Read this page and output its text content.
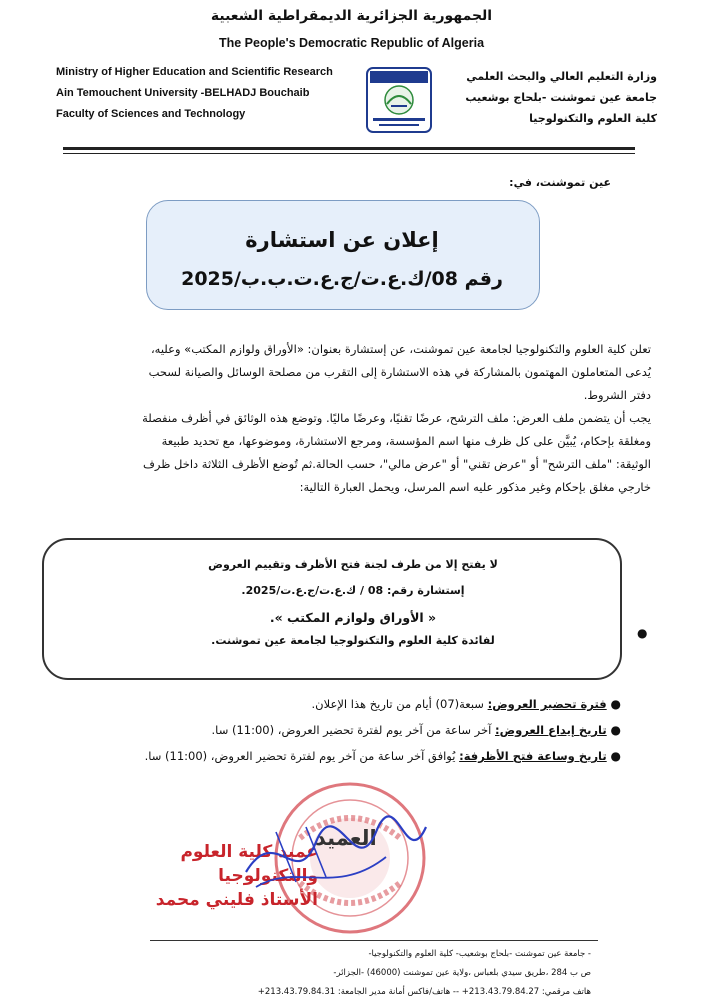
الجمهورية الجزائرية الديمقراطية الشعبية
The People's Democratic Republic of Algeria
Ministry of Higher Education and Scientific Research
Ain Temouchent University -BELHADJ Bouchaib
Faculty of Sciences and Technology
وزارة التعليم العالي والبحث العلمي
جامعة عين تموشنت -بلحاج بوشعيب
كلية العلوم والتكنولوجيا
عين تموشنت، في:
إعلان عن استشارة
رقم 08/ك.ع.ت/ج.ع.ت.ب.ب/2025
تعلن كلية العلوم والتكنولوجيا لجامعة عين تموشنت، عن إستشارة بعنوان: «الأوراق ولوازم المكتب» وعليه،
يُدعى المتعاملون المهتمون بالمشاركة في هذه الاستشارة إلى التقرب من مصلحة الوسائل والصيانة لسحب
دفتر الشروط.
يجب أن يتضمن ملف العرض: ملف الترشح، عرضًا تقنيًا، وعرضًا ماليًا. وتوضع هذه الوثائق في أظرف منفصلة
ومغلقة بإحكام، يُبيَّن على كل ظرف منها اسم المؤسسة، ومرجع الاستشارة، وموضوعها، مع تحديد طبيعة
الوثيقة: "ملف الترشح" أو "عرض تقني" أو "عرض مالي"، حسب الحالة.ثم تُوضع الأظرف الثلاثة داخل ظرف
خارجي مغلق بإحكام وغير مذكور عليه اسم المرسل، ويحمل العبارة التالية:
لا يفتح إلا من طرف لجنة فتح الأظرف وتقييم العروض
إستشارة رقم: 08 / ك.ع.ت/ج.ع.ت/2025.
« الأوراق ولوازم المكتب ».
لفائدة كلية العلوم والتكنولوجيا لجامعة عين تموشنت.
●
● فترة تحضير العروض: سبعة(07) أيام من تاريخ هذا الإعلان.
● تاريخ إيداع العروض: آخر ساعة من آخر يوم لفترة تحضير العروض، (11:00) سا.
● تاريخ وساعة فتح الأظرفة: يُوافق آخر ساعة من آخر يوم لفترة تحضير العروض، (11:00) سا.
العميد
عميد كلية العلوم
والتكنولوجيا
الأستاذ فليني محمد
- جامعة عين تموشنت -بلحاج بوشعيب- كلية العلوم والتكنولوجيا-
ص ب 284 ،طريق سيدي بلعباس ،ولاية عين تموشنت (46000) -الجزائر-
هاتف مرقمي: 213.43.79.84.27+ -- هاتف/فاكس أمانة مدير الجامعة: 213.43.79.84.31+
